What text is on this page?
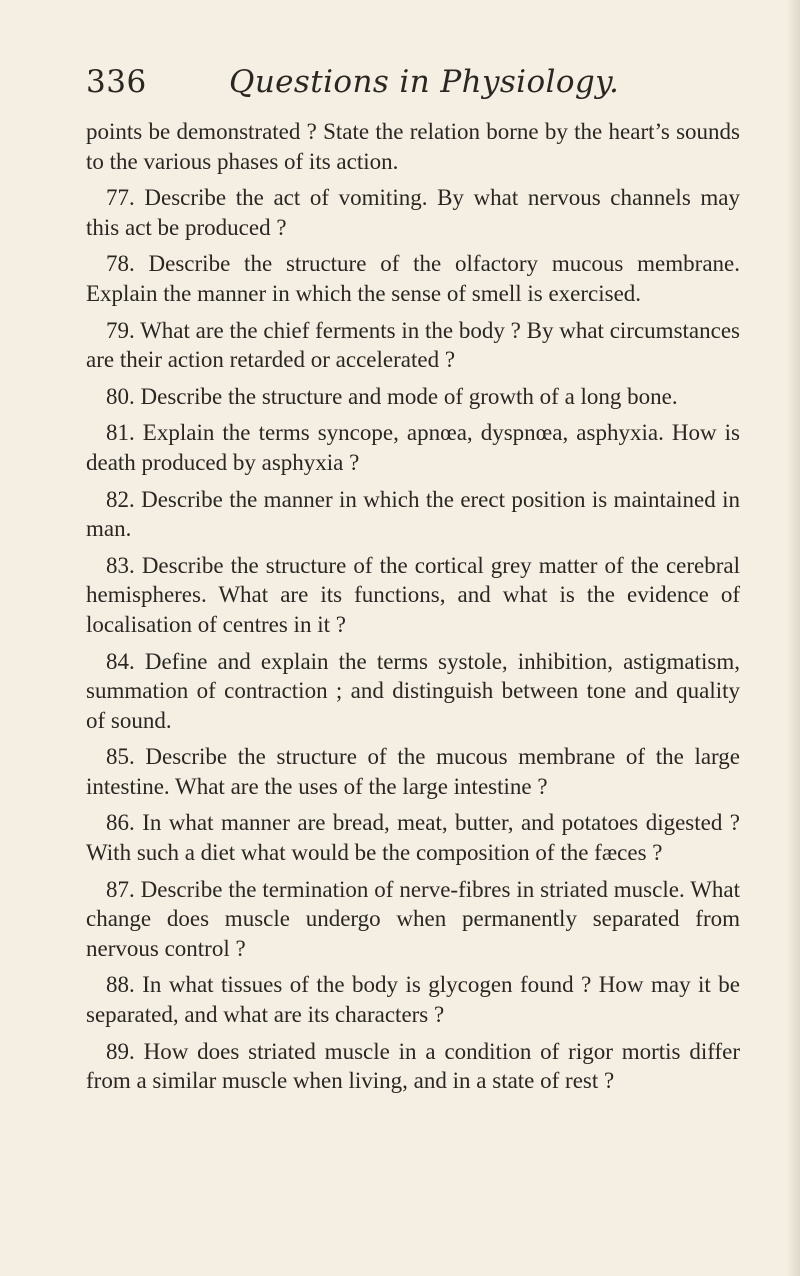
336	Questions in Physiology.

points be demonstrated ? State the relation borne by the heart’s sounds to the various phases of its action.

77. Describe the act of vomiting. By what nervous channels may this act be produced ?

78. Describe the structure of the olfactory mucous membrane. Explain the manner in which the sense of smell is exercised.

79. What are the chief ferments in the body ? By what circumstances are their action retarded or accelerated ?

80. Describe the structure and mode of growth of a long bone.

81. Explain the terms syncope, apnœa, dyspnœa, asphyxia. How is death produced by asphyxia ?

82. Describe the manner in which the erect position is maintained in man.

83. Describe the structure of the cortical grey matter of the cerebral hemispheres. What are its functions, and what is the evidence of localisation of centres in it ?

84. Define and explain the terms systole, inhibition, astigmatism, summation of contraction ; and distinguish between tone and quality of sound.

85. Describe the structure of the mucous membrane of the large intestine. What are the uses of the large intestine ?

86. In what manner are bread, meat, butter, and potatoes digested ? With such a diet what would be the composition of the fæces ?

87. Describe the termination of nerve-fibres in striated muscle. What change does muscle undergo when permanently separated from nervous control ?

88. In what tissues of the body is glycogen found ? How may it be separated, and what are its characters ?

89. How does striated muscle in a condition of rigor mortis differ from a similar muscle when living, and in a state of rest ?
